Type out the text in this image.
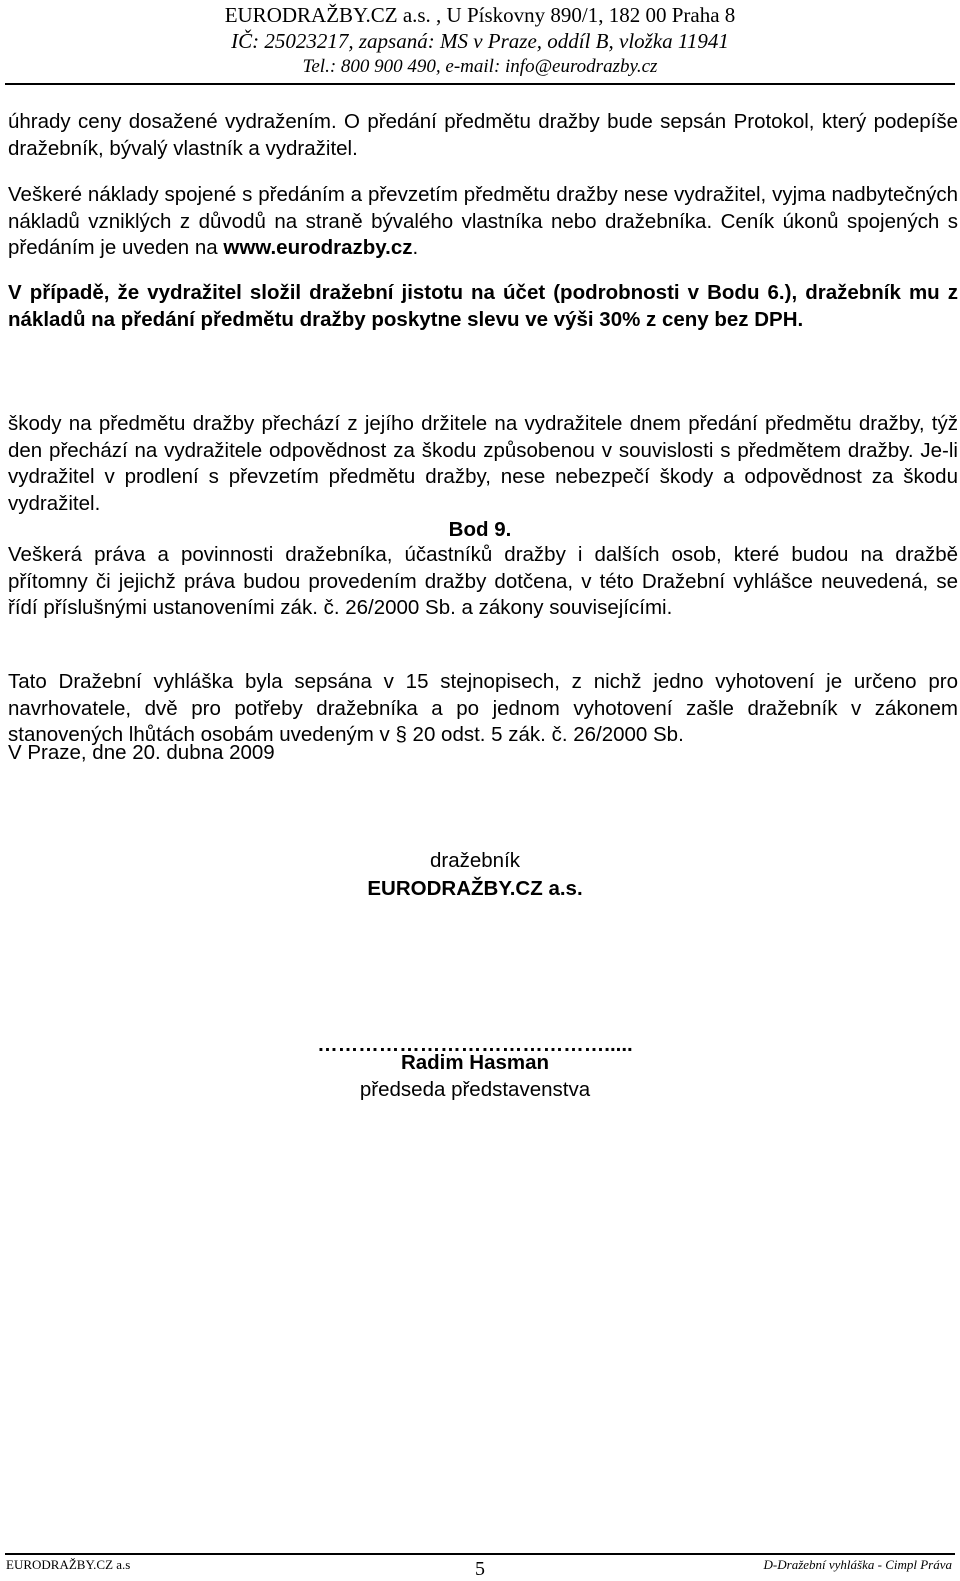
EURODRAŽBY.CZ a.s. , U Pískovny 890/1, 182 00 Praha 8
IČ: 25023217, zapsaná: MS v Praze, oddíl B, vložka 11941
Tel.: 800 900 490, e-mail: info@eurodrazby.cz
úhrady ceny dosažené vydražením. O předání předmětu dražby bude sepsán Protokol, který podepíše dražebník, bývalý vlastník a vydražitel.
Veškeré náklady spojené s předáním a převzetím předmětu dražby nese vydražitel, vyjma nadbytečných nákladů vzniklých z důvodů na straně bývalého vlastníka nebo dražebníka. Ceník úkonů spojených s předáním je uveden na www.eurodrazby.cz.
V případě, že vydražitel složil dražební jistotu na účet (podrobnosti v Bodu 6.), dražebník mu z nákladů na předání předmětu dražby poskytne slevu ve výši 30% z ceny bez DPH.
škody na předmětu dražby přechází z jejího držitele na vydražitele dnem předání předmětu dražby, týž den přechází na vydražitele odpovědnost za škodu způsobenou v souvislosti s předmětem dražby. Je-li vydražitel v prodlení s převzetím předmětu dražby, nese nebezpečí škody a odpovědnost za škodu vydražitel.
Bod 9.
Veškerá práva a povinnosti dražebníka, účastníků dražby i dalších osob, které budou na dražbě přítomny či jejichž práva budou provedením dražby dotčena, v této Dražební vyhlášce neuvedená, se řídí příslušnými ustanoveními zák. č. 26/2000 Sb. a zákony souvisejícími.
Tato Dražební vyhláška byla sepsána v 15 stejnopisech, z nichž jedno vyhotovení je určeno pro navrhovatele, dvě pro potřeby dražebníka a po jednom vyhotovení zašle dražebník v zákonem stanovených lhůtách osobám uvedeným v § 20 odst. 5 zák. č. 26/2000 Sb.
V Praze, dne 20. dubna 2009
dražebník
EURODRAŽBY.CZ a.s.
…………………………………….....
Radim Hasman
předseda představenstva
EURODRAŽBY.CZ a.s	5	D-Dražební vyhláška - Cimpl Práva
